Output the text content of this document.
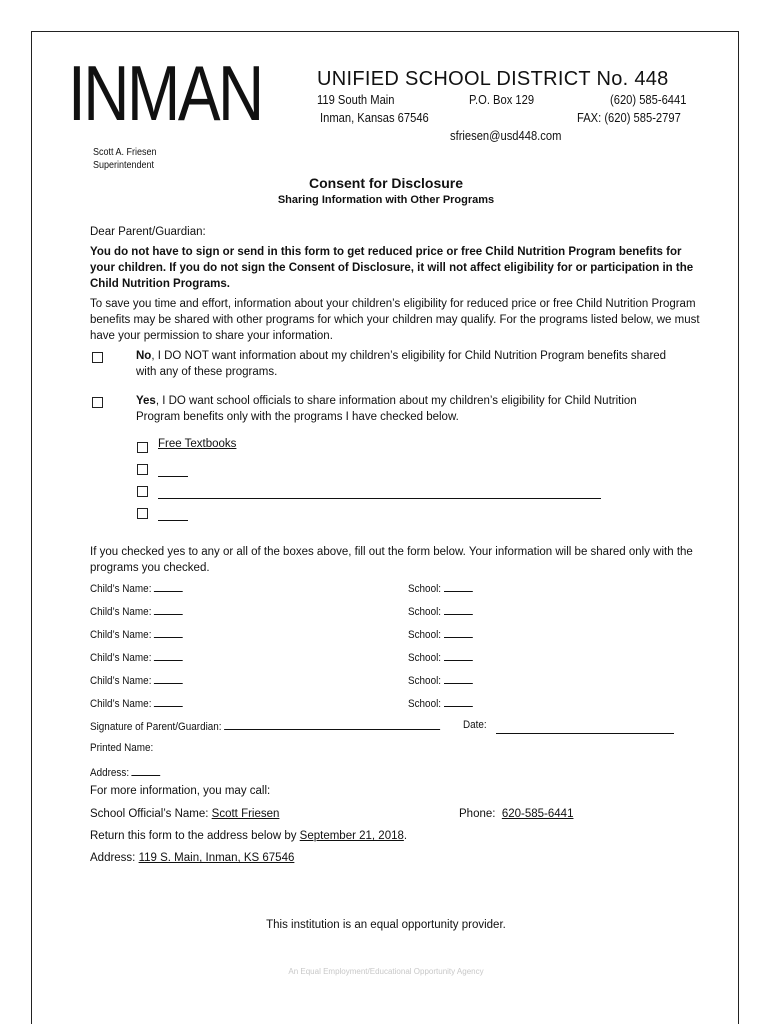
INMAN	UNIFIED SCHOOL DISTRICT No. 448
119 South Main	P.O. Box 129	(620) 585-6441
Inman, Kansas 67546	FAX: (620) 585-2797
sfriesen@usd448.com
Scott A. Friesen
Superintendent
Consent for Disclosure
Sharing Information with Other Programs
Dear Parent/Guardian:
You do not have to sign or send in this form to get reduced price or free Child Nutrition Program benefits for your children. If you do not sign the Consent of Disclosure, it will not affect eligibility for or participation in the Child Nutrition Programs.
To save you time and effort, information about your children’s eligibility for reduced price or free Child Nutrition Program benefits may be shared with other programs for which your children may qualify. For the programs listed below, we must have your permission to share your information.
No, I DO NOT want information about my children’s eligibility for Child Nutrition Program benefits shared with any of these programs.
Yes, I DO want school officials to share information about my children’s eligibility for Child Nutrition Program benefits only with the programs I have checked below.
Free Textbooks
If you checked yes to any or all of the boxes above, fill out the form below. Your information will be shared only with the programs you checked.
Child’s Name:	School:
Child’s Name:	School:
Child’s Name:	School:
Child’s Name:	School:
Child’s Name:	School:
Child’s Name:	School:
Signature of Parent/Guardian:	Date:
Printed Name:
Address:
For more information, you may call:
School Official’s Name: Scott Friesen	Phone: 620-585-6441
Return this form to the address below by September 21, 2018.
Address: 119 S. Main, Inman, KS 67546
This institution is an equal opportunity provider.
An Equal Employment/Educational Opportunity Agency
